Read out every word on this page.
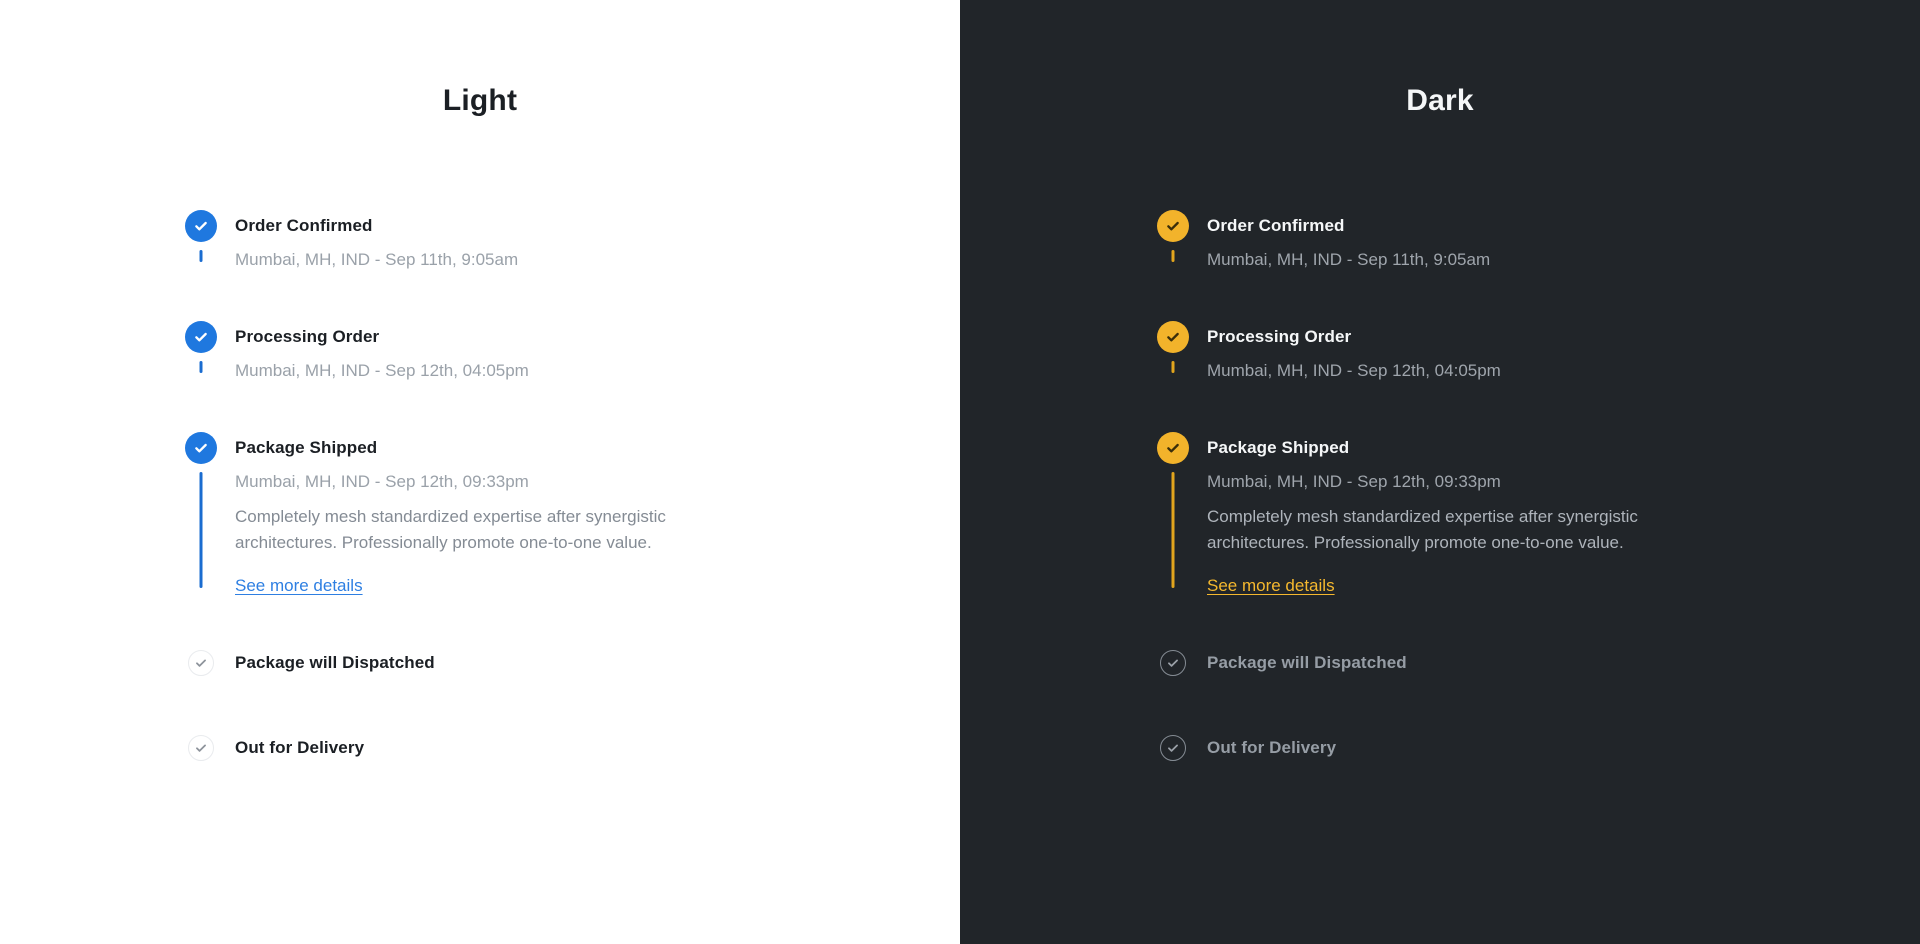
Light
Order Confirmed
Mumbai, MH, IND - Sep 11th, 9:05am
Processing Order
Mumbai, MH, IND - Sep 12th, 04:05pm
Package Shipped
Mumbai, MH, IND - Sep 12th, 09:33pm

Completely mesh standardized expertise after synergistic architectures. Professionally promote one-to-one value.

See more details
Package will Dispatched
Out for Delivery
Dark
Order Confirmed
Mumbai, MH, IND - Sep 11th, 9:05am
Processing Order
Mumbai, MH, IND - Sep 12th, 04:05pm
Package Shipped
Mumbai, MH, IND - Sep 12th, 09:33pm

Completely mesh standardized expertise after synergistic architectures. Professionally promote one-to-one value.

See more details
Package will Dispatched
Out for Delivery
